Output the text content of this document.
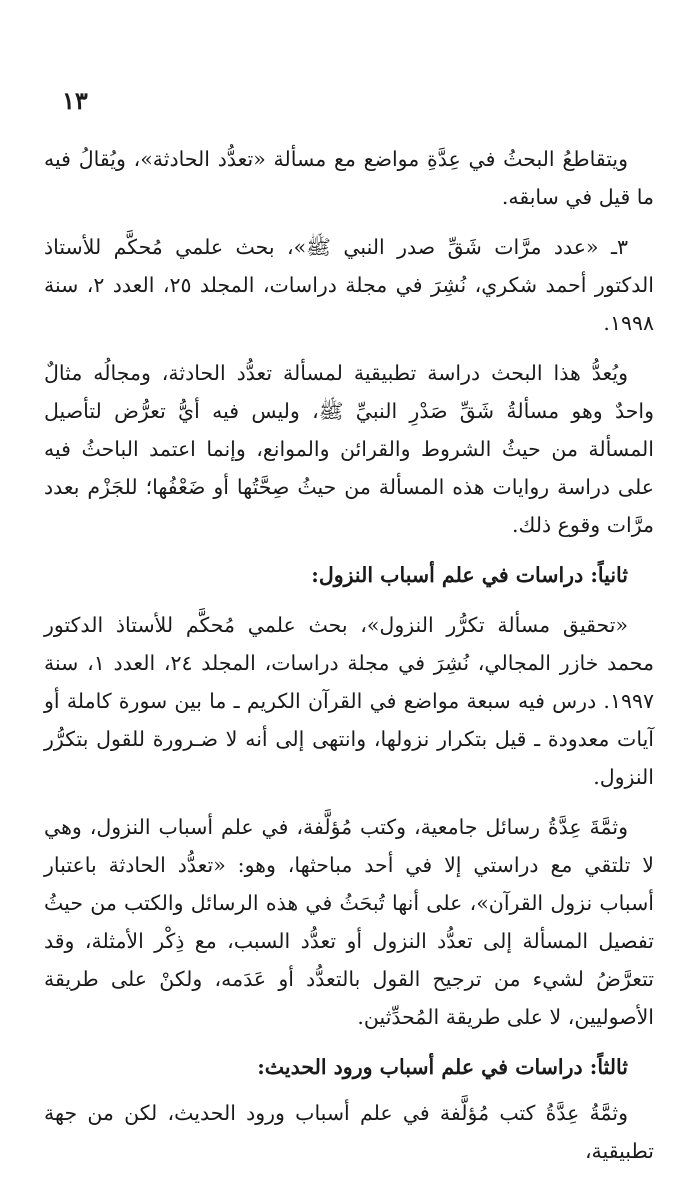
١٣

ويتقاطعُ البحثُ في عِدَّةِ مواضع مع مسألة «تعدُّد الحادثة»، ويُقالُ فيه ما قيل في سابقه.

٣ـ «عدد مرَّات شَقِّ صدر النبي ﷺ»، بحث علمي مُحكَّم للأستاذ الدكتور أحمد شكري، نُشِرَ في مجلة دراسات، المجلد ٢٥، العدد ٢، سنة ١٩٩٨.

ويُعدُّ هذا البحث دراسة تطبيقية لمسألة تعدُّد الحادثة، ومجالُه مثالٌ واحدٌ وهو مسألةُ شَقِّ صَدْرِ النبيِّ ﷺ، وليس فيه أيُّ تعرُّض لتأصيل المسألة من حيثُ الشروط والقرائن والموانع، وإنما اعتمد الباحثُ فيه على دراسة روايات هذه المسألة من حيثُ صِحَّتُها أو ضَعْفُها؛ للجَزْم بعدد مرَّات وقوع ذلك.

ثانياً: دراسات في علم أسباب النزول:

«تحقيق مسألة تكرُّر النزول»، بحث علمي مُحكَّم للأستاذ الدكتور محمد خازر المجالي، نُشِرَ في مجلة دراسات، المجلد ٢٤، العدد ١، سنة ١٩٩٧. درس فيه سبعة مواضع في القرآن الكريم ـ ما بين سورة كاملة أو آيات معدودة ـ قيل بتكرار نزولها، وانتهى إلى أنه لا ضـرورة للقول بتكرُّر النزول.

وثمَّةَ عِدَّةُ رسائل جامعية، وكتب مُؤلَّفة، في علم أسباب النزول، وهي لا تلتقي مع دراستي إلا في أحد مباحثها، وهو: «تعدُّد الحادثة باعتبار أسباب نزول القرآن»، على أنها تُبحَثُ في هذه الرسائل والكتب من حيثُ تفصيل المسألة إلى تعدُّد النزول أو تعدُّد السبب، مع ذِكْر الأمثلة، وقد تتعرَّضُ لشيء من ترجيح القول بالتعدُّد أو عَدَمه، ولكنْ على طريقة الأصوليين، لا على طريقة المُحدِّثين.

ثالثاً: دراسات في علم أسباب ورود الحديث:

وثمَّةُ عِدَّةُ كتب مُؤلَّفة في علم أسباب ورود الحديث، لكن من جهة تطبيقية،
